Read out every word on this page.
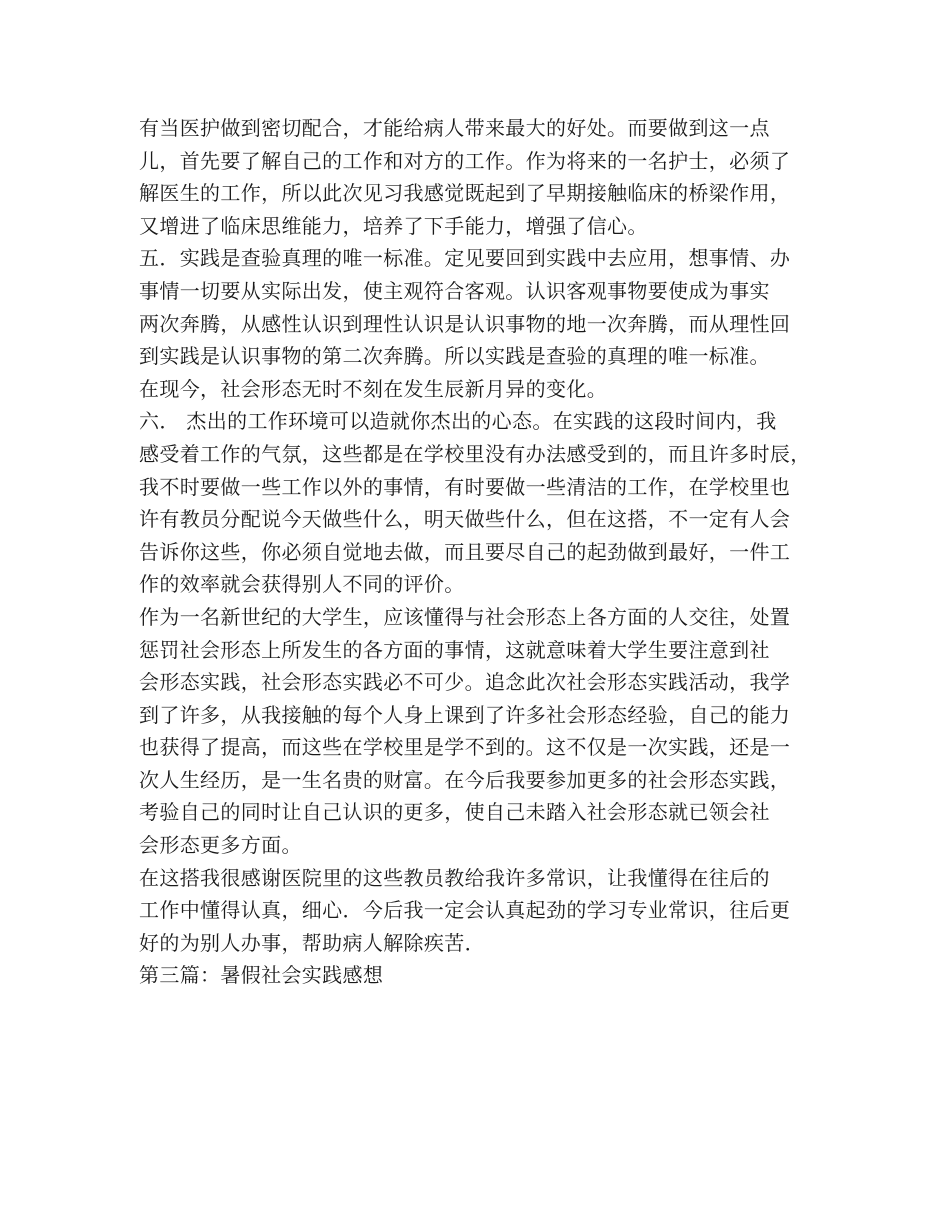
有当医护做到密切配合，才能给病人带来最大的好处。而要做到这一点
儿，首先要了解自己的工作和对方的工作。作为将来的一名护士，必须了
解医生的工作，所以此次见习我感觉既起到了早期接触临床的桥梁作用，
又增进了临床思维能力，培养了下手能力，增强了信心。

五．实践是查验真理的唯一标准。定见要回到实践中去应用，想事情、办
事情一切要从实际出发，使主观符合客观。认识客观事物要使成为事实
两次奔腾，从感性认识到理性认识是认识事物的地一次奔腾，而从理性回
到实践是认识事物的第二次奔腾。所以实践是查验的真理的唯一标准。
在现今，社会形态无时不刻在发生辰新月异的变化。

六． 杰出的工作环境可以造就你杰出的心态。在实践的这段时间内，我
感受着工作的气氛，这些都是在学校里没有办法感受到的，而且许多时辰，
我不时要做一些工作以外的事情，有时要做一些清洁的工作，在学校里也
许有教员分配说今天做些什么，明天做些什么，但在这搭，不一定有人会
告诉你这些，你必须自觉地去做，而且要尽自己的起劲做到最好，一件工
作的效率就会获得别人不同的评价。

作为一名新世纪的大学生，应该懂得与社会形态上各方面的人交往，处置
惩罚社会形态上所发生的各方面的事情，这就意味着大学生要注意到社
会形态实践，社会形态实践必不可少。追念此次社会形态实践活动，我学
到了许多，从我接触的每个人身上课到了许多社会形态经验，自己的能力
也获得了提高，而这些在学校里是学不到的。这不仅是一次实践，还是一
次人生经历，是一生名贵的财富。在今后我要参加更多的社会形态实践，
考验自己的同时让自己认识的更多，使自己未踏入社会形态就已领会社
会形态更多方面。

在这搭我很感谢医院里的这些教员教给我许多常识，让我懂得在往后的
工作中懂得认真，细心．今后我一定会认真起劲的学习专业常识，往后更
好的为别人办事，帮助病人解除疾苦．

第三篇：暑假社会实践感想
